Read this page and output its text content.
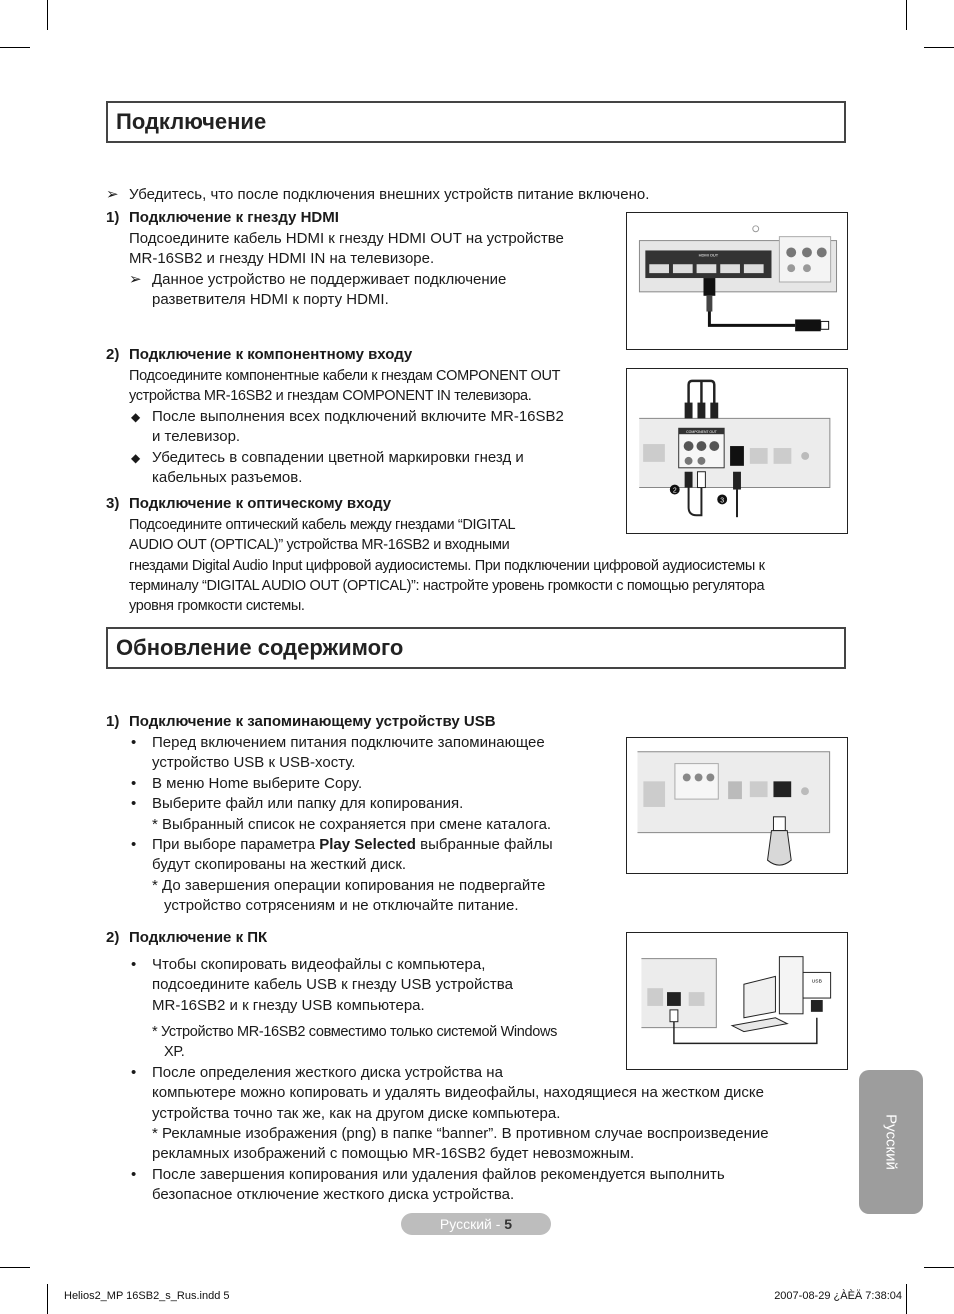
Подключение
➢ Убедитесь, что после подключения внешних устройств питание включено.
1) Подключение к гнезду HDMI
Подсоедините кабель HDMI к гнезду HDMI OUT на устройстве
MR-16SB2 и гнезду HDMI IN на телевизоре.
➢ Данное устройство не поддерживает подключение
разветвителя HDMI к порту HDMI.
2) Подключение к компонентному входу
Подсоедините компонентные кабели к гнездам COMPONENT OUT
устройства MR-16SB2 и гнездам COMPONENT IN телевизора.
◆ После выполнения всех подключений включите MR-16SB2
и телевизор.
◆ Убедитесь в совпадении цветной маркировки гнезд и
кабельных разъемов.
3) Подключение к оптическому входу
Подсоедините оптический кабель между гнездами “DIGITAL
AUDIO OUT (OPTICAL)” устройства MR-16SB2 и входными
гнездами Digital Audio Input цифровой аудиосистемы. При подключении цифровой аудиосистемы к
терминалу “DIGITAL AUDIO OUT (OPTICAL)”: настройте уровень громкости с помощью регулятора
уровня громкости системы.
HDMI OUT
COMPONENT OUT
2
3
Обновление содержимого
1) Подключение к запоминающему устройству USB
• Перед включением питания подключите запоминающее
устройство USB к USB-хосту.
• В меню Home выберите Copy.
• Выберите файл или папку для копирования.
* Выбранный список не сохраняется при смене каталога.
• При выборе параметра Play Selected выбранные файлы
будут скопированы на жесткий диск.
* До завершения операции копирования не подвергайте
устройство сотрясениям и не отключайте питание.
2) Подключение к ПК
• Чтобы скопировать видеофайлы с компьютера,
подсоедините кабель USB к гнезду USB устройства
MR-16SB2 и к гнезду USB компьютера.
* Устройство MR-16SB2 совместимо только системой Windows
XP.
• После определения жесткого диска устройства на
компьютере можно копировать и удалять видеофайлы, находящиеся на жестком диске
устройства точно так же, как на другом диске компьютера.
* Рекламные изображения (png) в папке “banner”. В противном случае воспроизведение
рекламных изображений с помощью MR-16SB2 будет невозможным.
• После завершения копирования или удаления файлов рекомендуется выполнить
безопасное отключение жесткого диска устройства.
USB
Русский
Русский - 5
Helios2_MP 16SB2_s_Rus.indd 5	2007-08-29 ¿ÀÈÄ 7:38:04
